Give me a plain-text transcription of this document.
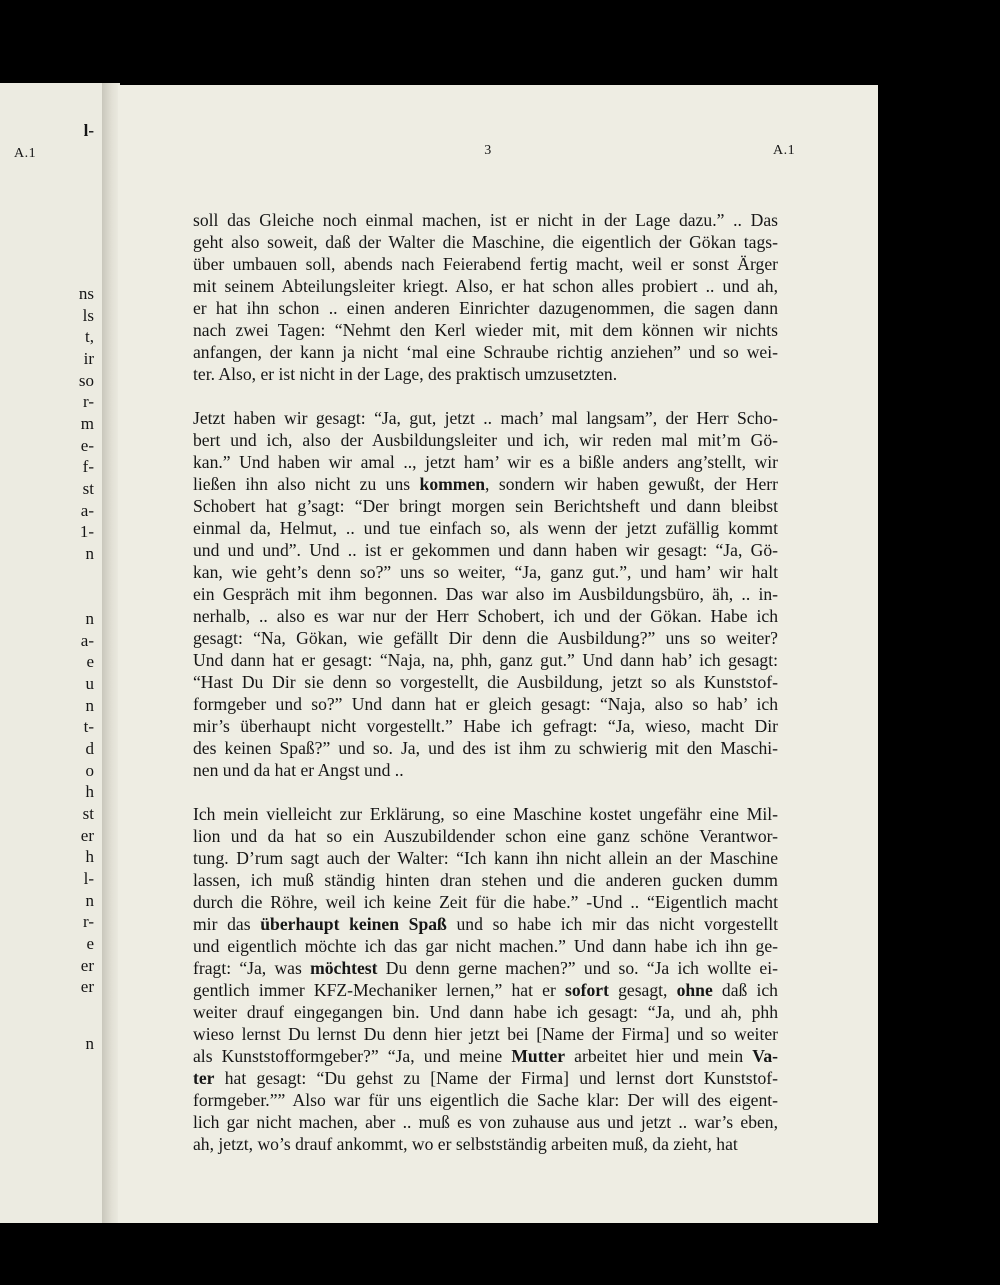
A.1
l-
ns
ls
t,
ir
so
r-
m
e-
f-
st
a-
1-
n
n
a-
e
u
n
t-
d
o
h
st
er
h
l-
n
r-
e
er
er
n
3	A.1
soll das Gleiche noch einmal machen, ist er nicht in der Lage dazu.” .. Das
geht also soweit, daß der Walter die Maschine, die eigentlich der Gökan tags-
über umbauen soll, abends nach Feierabend fertig macht, weil er sonst Ärger
mit seinem Abteilungsleiter kriegt. Also, er hat schon alles probiert .. und ah,
er hat ihn schon .. einen anderen Einrichter dazugenommen, die sagen dann
nach zwei Tagen: “Nehmt den Kerl wieder mit, mit dem können wir nichts
anfangen, der kann ja nicht ‘mal eine Schraube richtig anziehen” und so wei-
ter. Also, er ist nicht in der Lage, des praktisch umzusetzten.
Jetzt haben wir gesagt: “Ja, gut, jetzt .. mach’ mal langsam”, der Herr Scho-
bert und ich, also der Ausbildungsleiter und ich, wir reden mal mit’m Gö-
kan.” Und haben wir amal .., jetzt ham’ wir es a bißle anders ang’stellt, wir
ließen ihn also nicht zu uns kommen, sondern wir haben gewußt, der Herr
Schobert hat g’sagt: “Der bringt morgen sein Berichtsheft und dann bleibst
einmal da, Helmut, .. und tue einfach so, als wenn der jetzt zufällig kommt
und und und”. Und .. ist er gekommen und dann haben wir gesagt: “Ja, Gö-
kan, wie geht’s denn so?” uns so weiter, “Ja, ganz gut.”, und ham’ wir halt
ein Gespräch mit ihm begonnen. Das war also im Ausbildungsbüro, äh, .. in-
nerhalb, .. also es war nur der Herr Schobert, ich und der Gökan. Habe ich
gesagt: “Na, Gökan, wie gefällt Dir denn die Ausbildung?” uns so weiter?
Und dann hat er gesagt: “Naja, na, phh, ganz gut.” Und dann hab’ ich gesagt:
“Hast Du Dir sie denn so vorgestellt, die Ausbildung, jetzt so als Kunststof-
formgeber und so?” Und dann hat er gleich gesagt: “Naja, also so hab’ ich
mir’s überhaupt nicht vorgestellt.” Habe ich gefragt: “Ja, wieso, macht Dir
des keinen Spaß?” und so. Ja, und des ist ihm zu schwierig mit den Maschi-
nen und da hat er Angst und ..
Ich mein vielleicht zur Erklärung, so eine Maschine kostet ungefähr eine Mil-
lion und da hat so ein Auszubildender schon eine ganz schöne Verantwor-
tung. D’rum sagt auch der Walter: “Ich kann ihn nicht allein an der Maschine
lassen, ich muß ständig hinten dran stehen und die anderen gucken dumm
durch die Röhre, weil ich keine Zeit für die habe.” -Und .. “Eigentlich macht
mir das überhaupt keinen Spaß und so habe ich mir das nicht vorgestellt
und eigentlich möchte ich das gar nicht machen.” Und dann habe ich ihn ge-
fragt: “Ja, was möchtest Du denn gerne machen?” und so. “Ja ich wollte ei-
gentlich immer KFZ-Mechaniker lernen,” hat er sofort gesagt, ohne daß ich
weiter drauf eingegangen bin. Und dann habe ich gesagt: “Ja, und ah, phh
wieso lernst Du lernst Du denn hier jetzt bei [Name der Firma] und so weiter
als Kunststofformgeber?” “Ja, und meine Mutter arbeitet hier und mein Va-
ter hat gesagt: “Du gehst zu [Name der Firma] und lernst dort Kunststof-
formgeber.”” Also war für uns eigentlich die Sache klar: Der will des eigent-
lich gar nicht machen, aber .. muß es von zuhause aus und jetzt .. war’s eben,
ah, jetzt, wo’s drauf ankommt, wo er selbstständig arbeiten muß, da zieht, hat
